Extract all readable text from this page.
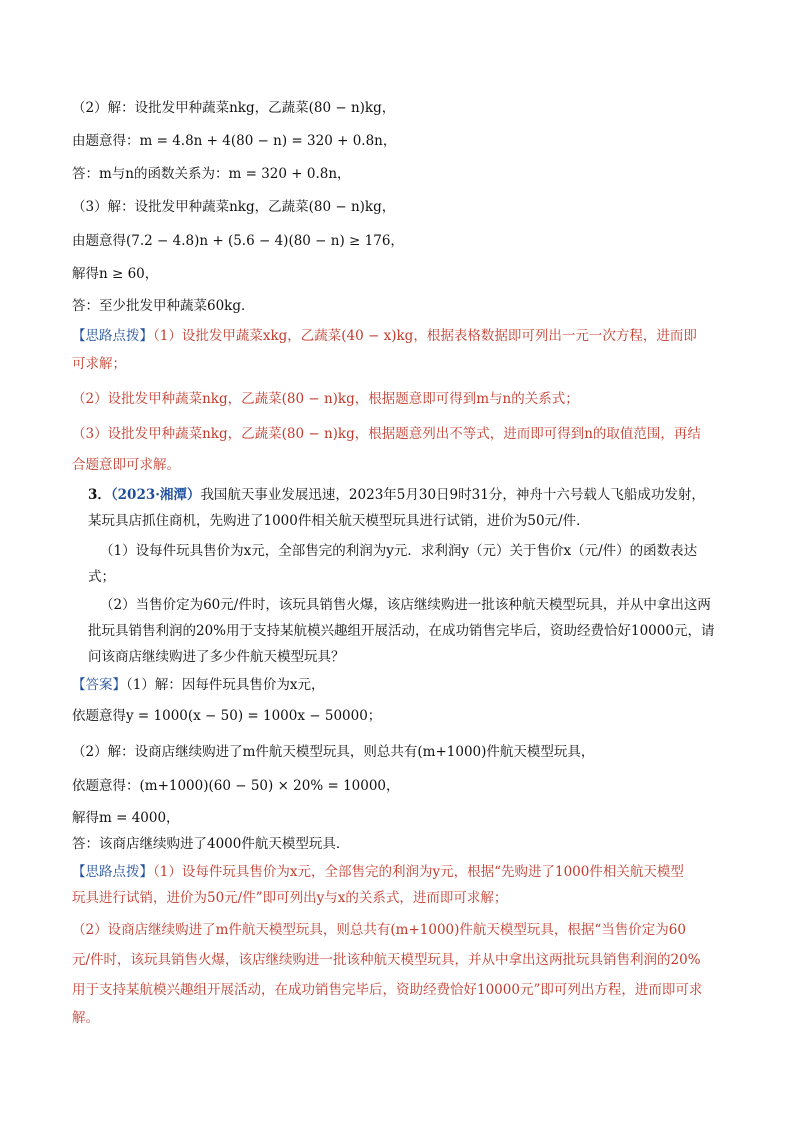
（2）解：设批发甲种蔬菜nkg，乙蔬菜(80 − n)kg，
由题意得：m = 4.8n + 4(80 − n) = 320 + 0.8n，
答：m与n的函数关系为：m = 320 + 0.8n，
（3）解：设批发甲种蔬菜nkg，乙蔬菜(80 − n)kg，
由题意得(7.2 − 4.8)n + (5.6 − 4)(80 − n) ≥ 176，
解得n ≥ 60，
答：至少批发甲种蔬菜60kg．
【思路点拨】（1）设批发甲蔬菜xkg，乙蔬菜(40 − x)kg，根据表格数据即可列出一元一次方程，进而即
可求解；
（2）设批发甲种蔬菜nkg，乙蔬菜(80 − n)kg，根据题意即可得到m与n的关系式；
（3）设批发甲种蔬菜nkg，乙蔬菜(80 − n)kg，根据题意列出不等式，进而即可得到n的取值范围，再结
合题意即可求解。
3．（2023·湘潭）我国航天事业发展迅速，2023年5月30日9时31分，神舟十六号载人飞船成功发射，
某玩具店抓住商机，先购进了1000件相关航天模型玩具进行试销，进价为50元/件．
（1）设每件玩具售价为x元，全部售完的利润为y元．求利润y（元）关于售价x（元/件）的函数表达
式；
（2）当售价定为60元/件时，该玩具销售火爆，该店继续购进一批该种航天模型玩具，并从中拿出这两
批玩具销售利润的20%用于支持某航模兴趣组开展活动，在成功销售完毕后，资助经费恰好10000元，请
问该商店继续购进了多少件航天模型玩具？
【答案】（1）解：因每件玩具售价为x元，
依题意得y = 1000(x − 50) = 1000x − 50000；
（2）解：设商店继续购进了m件航天模型玩具，则总共有(m+1000)件航天模型玩具，
依题意得：(m+1000)(60 − 50) × 20% = 10000，
解得m = 4000，
答：该商店继续购进了4000件航天模型玩具．
【思路点拨】（1）设每件玩具售价为x元，全部售完的利润为y元，根据“先购进了1000件相关航天模型
玩具进行试销，进价为50元/件”即可列出y与x的关系式，进而即可求解；
（2）设商店继续购进了m件航天模型玩具，则总共有(m+1000)件航天模型玩具，根据“当售价定为60
元/件时，该玩具销售火爆，该店继续购进一批该种航天模型玩具，并从中拿出这两批玩具销售利润的20%
用于支持某航模兴趣组开展活动，在成功销售完毕后，资助经费恰好10000元”即可列出方程，进而即可求
解。
